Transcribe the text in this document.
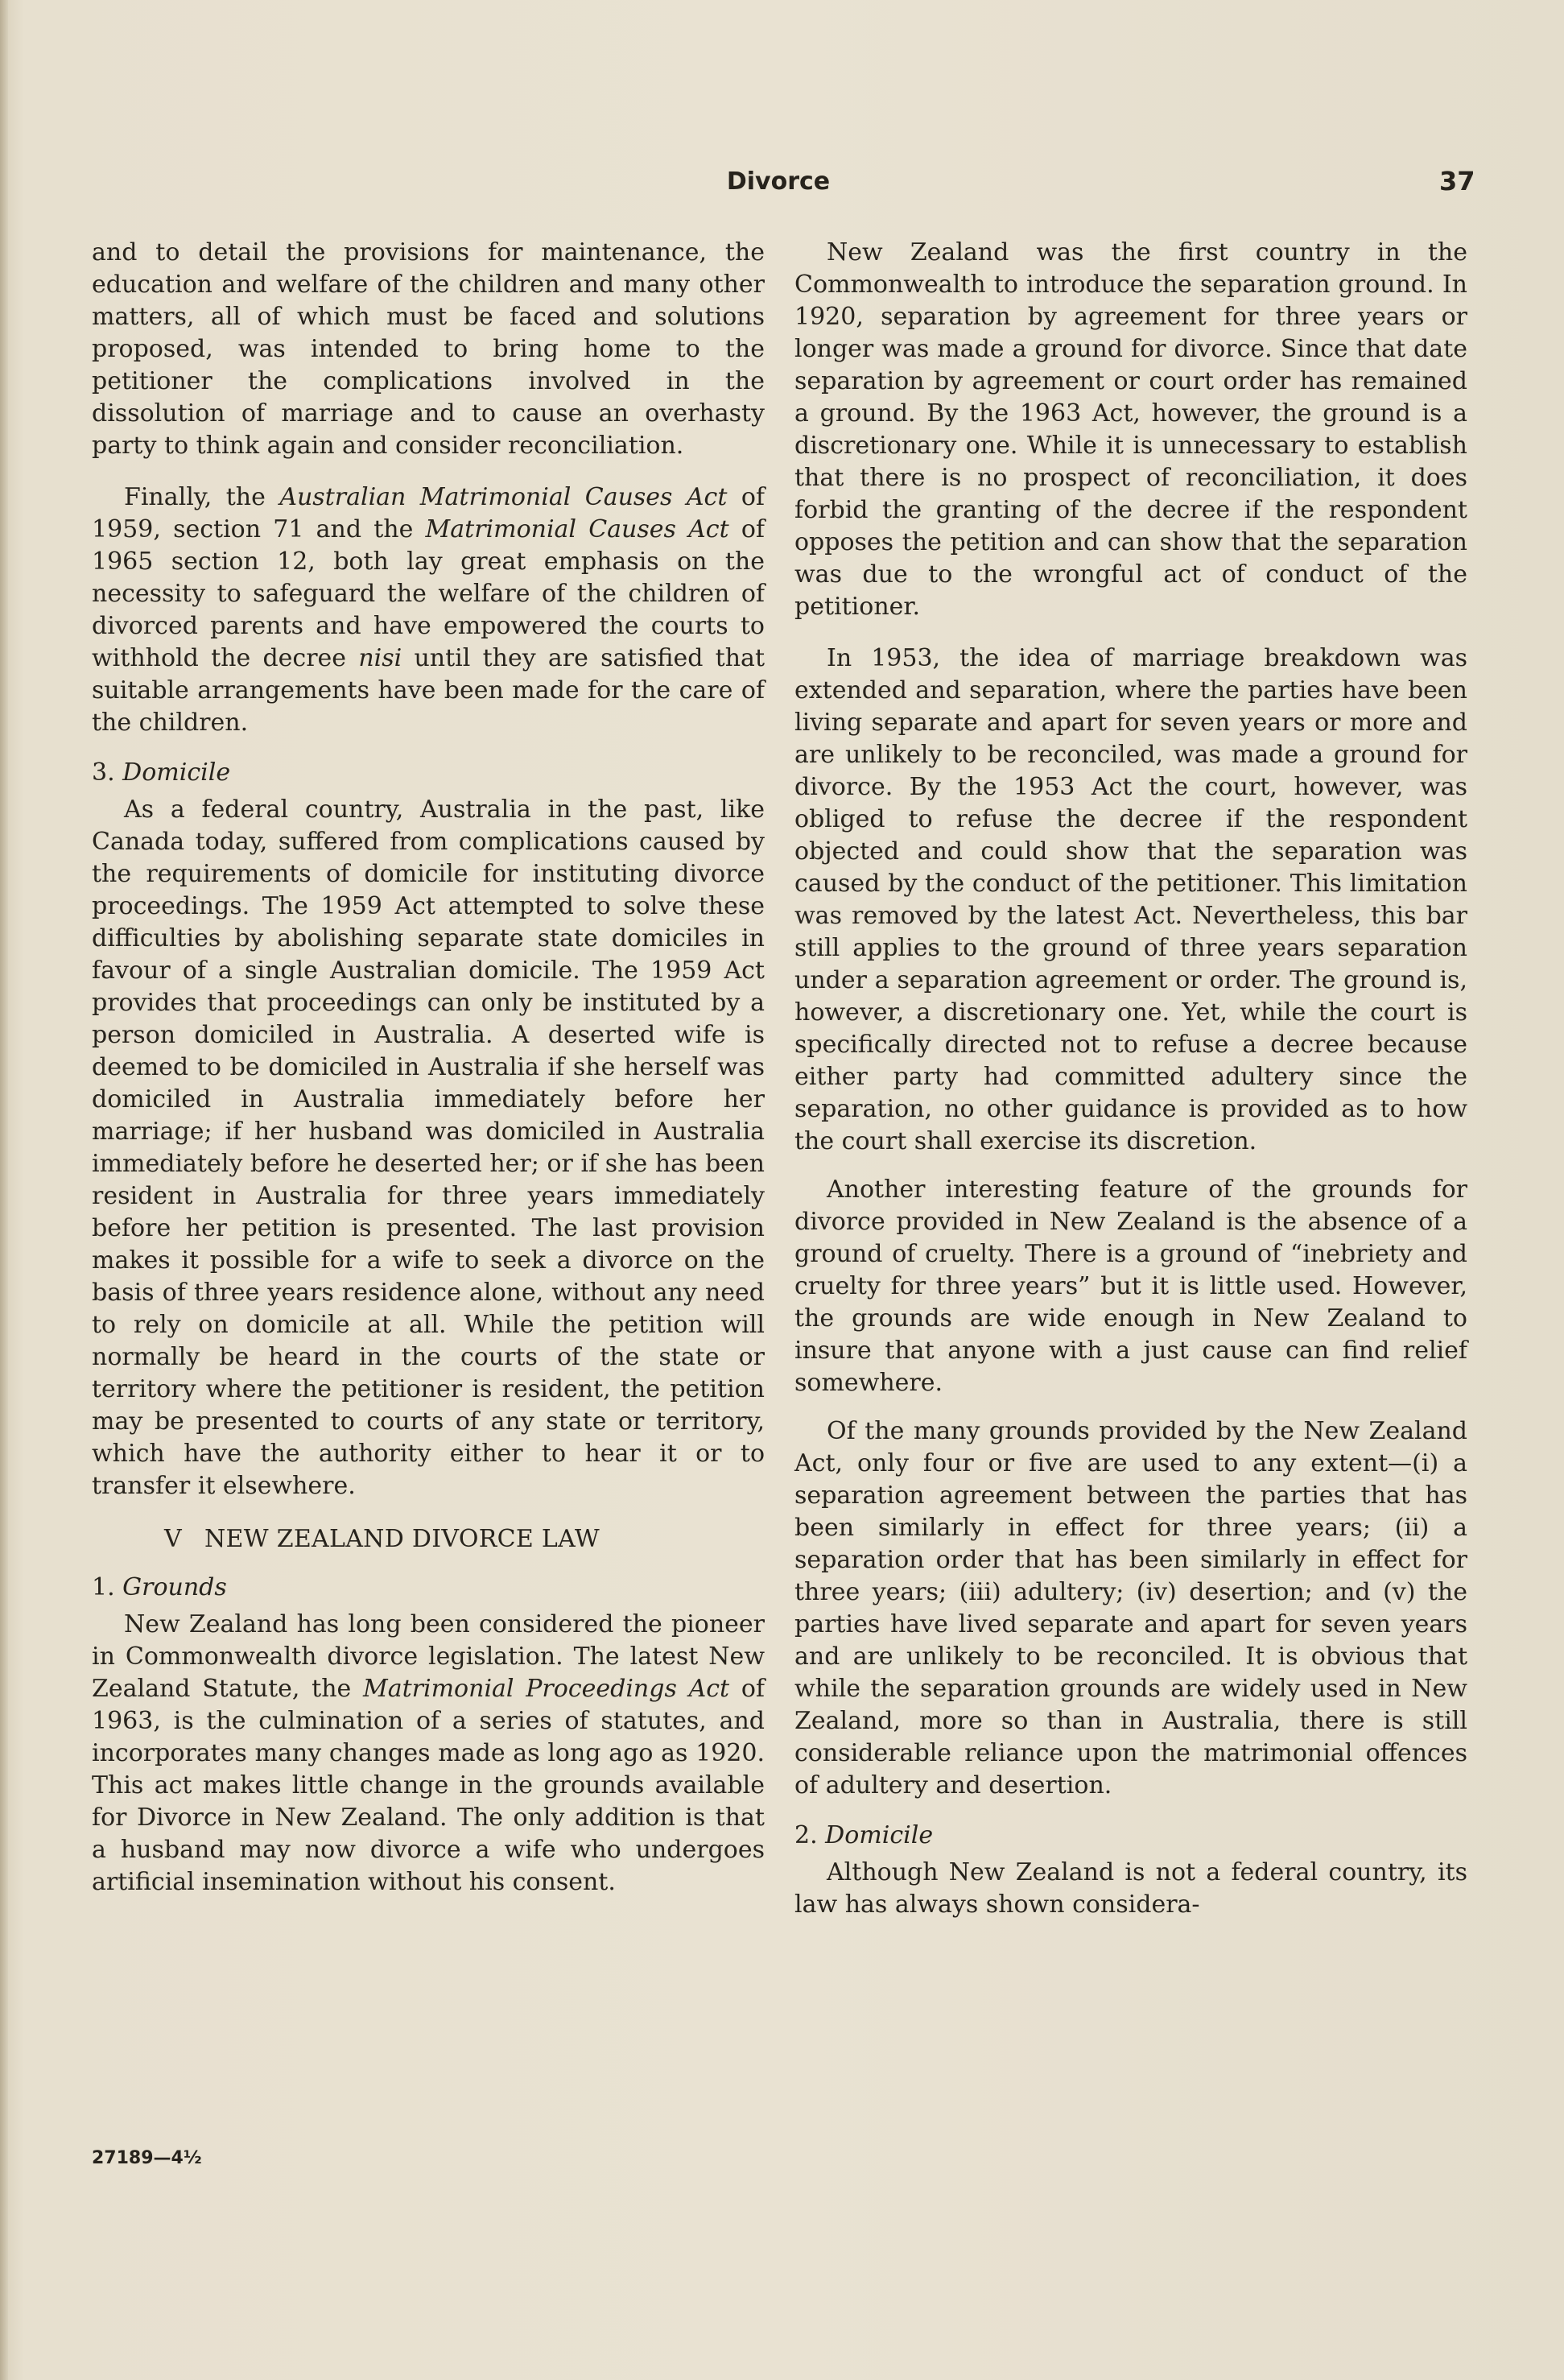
Divorce	37

and to detail the provisions for maintenance, the education and welfare of the children and many other matters, all of which must be faced and solutions proposed, was intended to bring home to the petitioner the complications involved in the dissolution of marriage and to cause an overhasty party to think again and consider reconciliation.

Finally, the Australian Matrimonial Causes Act of 1959, section 71 and the Matrimonial Causes Act of 1965 section 12, both lay great emphasis on the necessity to safeguard the welfare of the children of divorced parents and have empowered the courts to withhold the decree nisi until they are satisfied that suitable arrangements have been made for the care of the children.

3. Domicile

As a federal country, Australia in the past, like Canada today, suffered from complications caused by the requirements of domicile for instituting divorce proceedings. The 1959 Act attempted to solve these difficulties by abolishing separate state domiciles in favour of a single Australian domicile. The 1959 Act provides that proceedings can only be instituted by a person domiciled in Australia. A deserted wife is deemed to be domiciled in Australia if she herself was domiciled in Australia immediately before her marriage; if her husband was domiciled in Australia immediately before he deserted her; or if she has been resident in Australia for three years immediately before her petition is presented. The last provision makes it possible for a wife to seek a divorce on the basis of three years residence alone, without any need to rely on domicile at all. While the petition will normally be heard in the courts of the state or territory where the petitioner is resident, the petition may be presented to courts of any state or territory, which have the authority either to hear it or to transfer it elsewhere.

V NEW ZEALAND DIVORCE LAW
1. Grounds

New Zealand has long been considered the pioneer in Commonwealth divorce legislation. The latest New Zealand Statute, the Matrimonial Proceedings Act of 1963, is the culmination of a series of statutes, and incorporates many changes made as long ago as 1920. This act makes little change in the grounds available for Divorce in New Zealand. The only addition is that a husband may now divorce a wife who undergoes artificial insemination without his consent.

27189—4½

New Zealand was the first country in the Commonwealth to introduce the separation ground. In 1920, separation by agreement for three years or longer was made a ground for divorce. Since that date separation by agreement or court order has remained a ground. By the 1963 Act, however, the ground is a discretionary one. While it is unnecessary to establish that there is no prospect of reconciliation, it does forbid the granting of the decree if the respondent opposes the petition and can show that the separation was due to the wrongful act of conduct of the petitioner.

In 1953, the idea of marriage breakdown was extended and separation, where the parties have been living separate and apart for seven years or more and are unlikely to be reconciled, was made a ground for divorce. By the 1953 Act the court, however, was obliged to refuse the decree if the respondent objected and could show that the separation was caused by the conduct of the petitioner. This limitation was removed by the latest Act. Nevertheless, this bar still applies to the ground of three years separation under a separation agreement or order. The ground is, however, a discretionary one. Yet, while the court is specifically directed not to refuse a decree because either party had committed adultery since the separation, no other guidance is provided as to how the court shall exercise its discretion.

Another interesting feature of the grounds for divorce provided in New Zealand is the absence of a ground of cruelty. There is a ground of “inebriety and cruelty for three years” but it is little used. However, the grounds are wide enough in New Zealand to insure that anyone with a just cause can find relief somewhere.

Of the many grounds provided by the New Zealand Act, only four or five are used to any extent—(i) a separation agreement between the parties that has been similarly in effect for three years; (ii) a separation order that has been similarly in effect for three years; (iii) adultery; (iv) desertion; and (v) the parties have lived separate and apart for seven years and are unlikely to be reconciled. It is obvious that while the separation grounds are widely used in New Zealand, more so than in Australia, there is still considerable reliance upon the matrimonial offences of adultery and desertion.

2. Domicile

Although New Zealand is not a federal country, its law has always shown considera-
